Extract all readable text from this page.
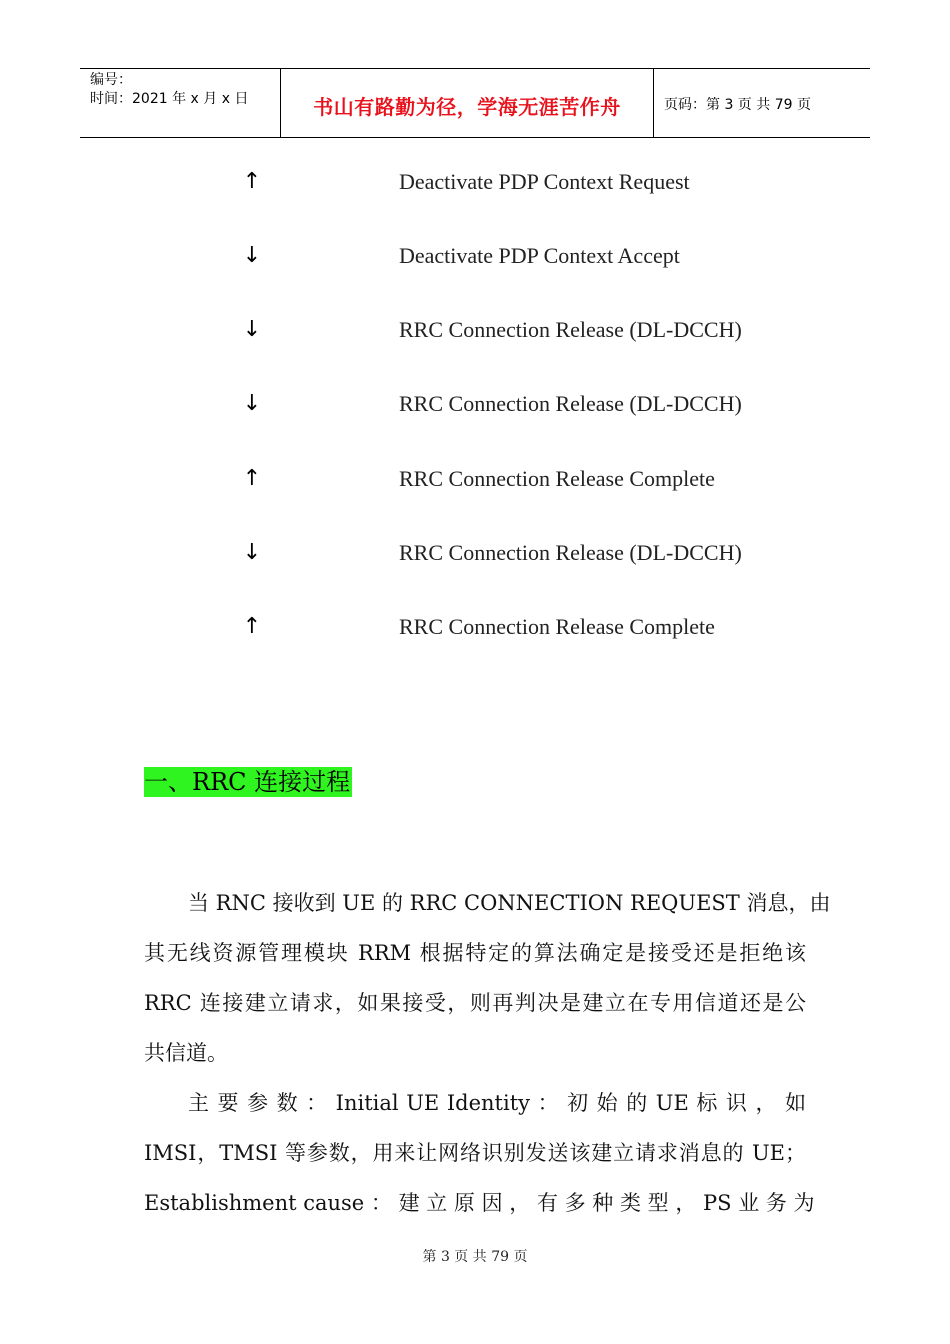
编号：
时间：2021 年 x 月 x 日	书山有路勤为径，学海无涯苦作舟	页码：第 3 页 共 79 页
↑	Deactivate PDP Context Request
↓	Deactivate PDP Context Accept
↓	RRC Connection Release (DL-DCCH)
↓	RRC Connection Release (DL-DCCH)
↑	RRC Connection Release Complete
↓	RRC Connection Release (DL-DCCH)
↑	RRC Connection Release Complete
一、RRC 连接过程
当 RNC 接收到 UE 的 RRC CONNECTION REQUEST 消息，由
其无线资源管理模块 RRM 根据特定的算法确定是接受还是拒绝该
RRC 连接建立请求，如果接受，则再判决是建立在专用信道还是公
共信道。
主 要 参 数 ： Initial UE Identity ： 初 始 的 UE 标 识 ， 如
IMSI，TMSI 等参数，用来让网络识别发送该建立请求消息的 UE；
Establishment cause ： 建 立 原 因 ， 有 多 种 类 型 ， PS 业 务 为
第 3 页 共 79 页
